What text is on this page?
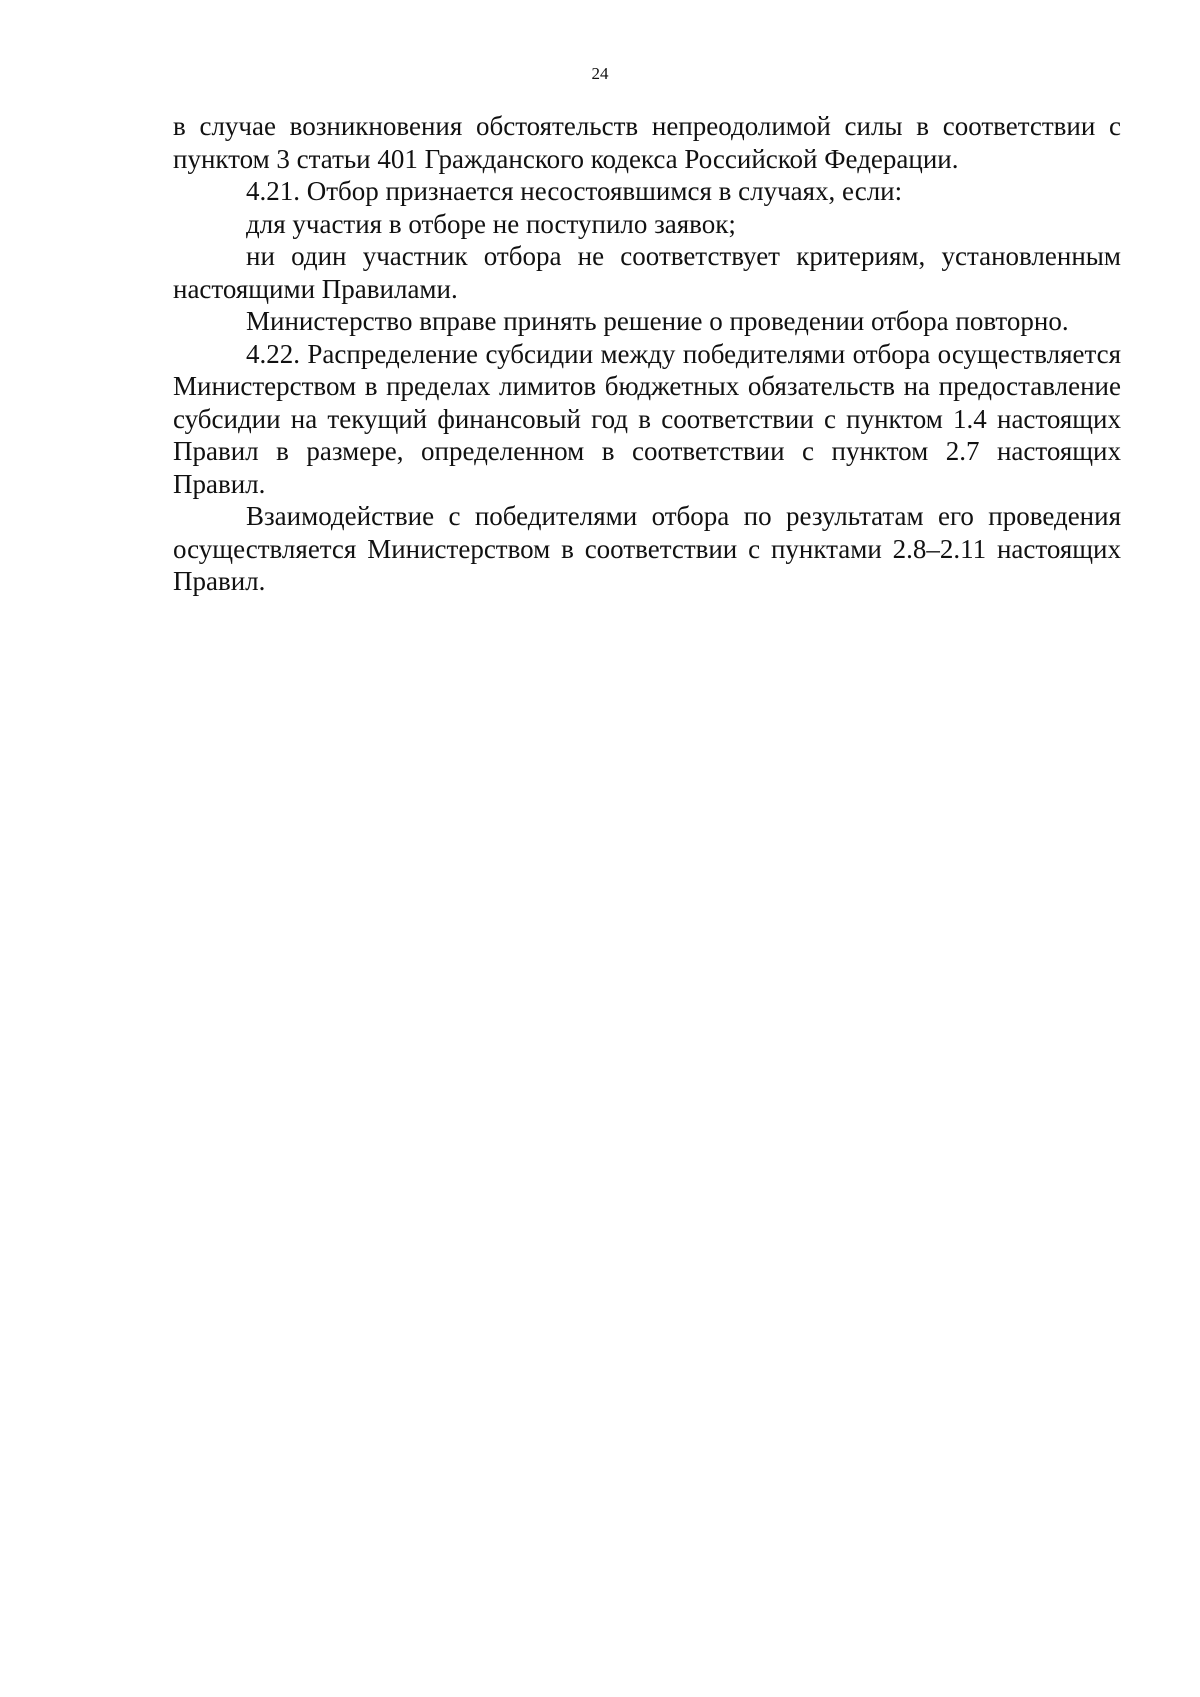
24

в случае возникновения обстоятельств непреодолимой силы в соответствии с пунктом 3 статьи 401 Гражданского кодекса Российской Федерации.

4.21. Отбор признается несостоявшимся в случаях, если:

для участия в отборе не поступило заявок;

ни один участник отбора не соответствует критериям, установленным настоящими Правилами.

Министерство вправе принять решение о проведении отбора повторно.

4.22. Распределение субсидии между победителями отбора осуществляется Министерством в пределах лимитов бюджетных обязательств на предоставление субсидии на текущий финансовый год в соответствии с пунктом 1.4 настоящих Правил в размере, определенном в соответствии с пунктом 2.7 настоящих Правил.

Взаимодействие с победителями отбора по результатам его проведения осуществляется Министерством в соответствии с пунктами 2.8–2.11 настоящих Правил.
